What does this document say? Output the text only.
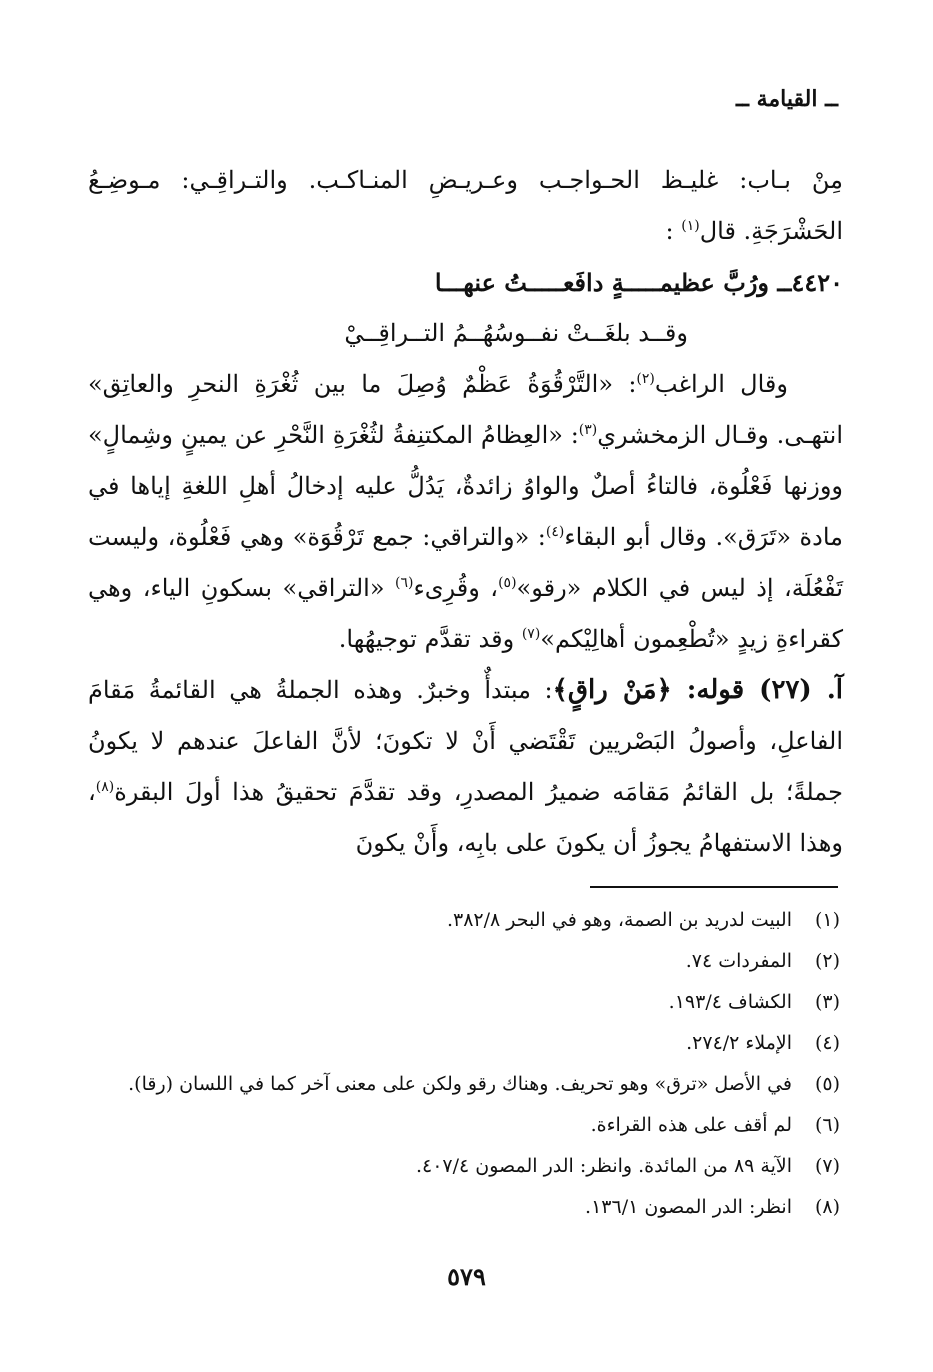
ــ القيامة ــ

مِنْ بـاب: غليـظ الحـواجـب وعـريـضِ المنـاكـب. والتـراقِـي: مـوضِـعُ الحَشْرَجَةِ. قال$^{(١)}$ :

٤٤٢٠ــ ورُبَّ عظيمـــــةٍ دافَعـــــتُ عنهـــا

وقــد بلغَــتْ نفــوسُهُــمُ التــراقِــيْ

وقال الراغب$^{(٢)}$: «التَّرْقُوَةُ عَظْمٌ وُصِلَ ما بين ثُغْرَةِ النحرِ والعاتِق» انتهـى. وقـال الزمخشري$^{(٣)}$: «العِظامُ المكتنِفةُ لثُغْرَةِ النَّحْرِ عن يمينٍ وشِمالٍ» ووزنها فَعْلُوة، فالتاءُ أصلٌ والواوُ زائدةٌ، يَدُلُّ عليه إدخالُ أهلِ اللغةِ إياها في مادة «تَرَق». وقال أبو البقاء$^{(٤)}$: «والتراقي: جمع تَرْقُوَة» وهي فَعْلُوة، وليست تَفْعُلَة، إذ ليس في الكلام «رقو»$^{(٥)}$، وقُرِىء$^{(٦)}$ «التراقي» بسكونِ الياء، وهي كقراءةِ زيدٍ «تُطْعِمون أهالِيْكم»$^{(٧)}$ وقد تقدَّم توجيهُها.

آ. (٢٧) قوله: ﴿مَنْ راقٍ﴾: مبتدأٌ وخبرٌ. وهذه الجملةُ هي القائمةُ مَقامَ الفاعلِ، وأصولُ البَصْريين تَقْتَضي أَنْ لا تكونَ؛ لأنَّ الفاعلَ عندهم لا يكونُ جملةً؛ بل القائمُ مَقامَه ضميرُ المصدرِ، وقد تقدَّمَ تحقيقُ هذا أولَ البقرة$^{(٨)}$، وهذا الاستفهامُ يجوزُ أن يكونَ على بابِه، وأَنْ يكونَ

(١)
البيت لدريد بن الصمة، وهو في البحر ٣٨٢/٨.
(٢)
المفردات ٧٤.
(٣)
الكشاف ١٩٣/٤.
(٤)
الإملاء ٢٧٤/٢.
(٥)
في الأصل «ترق» وهو تحريف. وهناك رقو ولكن على معنى آخر كما في اللسان (رقا).
(٦)
لم أقف على هذه القراءة.
(٧)
الآية ٨٩ من المائدة. وانظر: الدر المصون ٤٠٧/٤.
(٨)
انظر: الدر المصون ١٣٦/١.
٥٧٩
